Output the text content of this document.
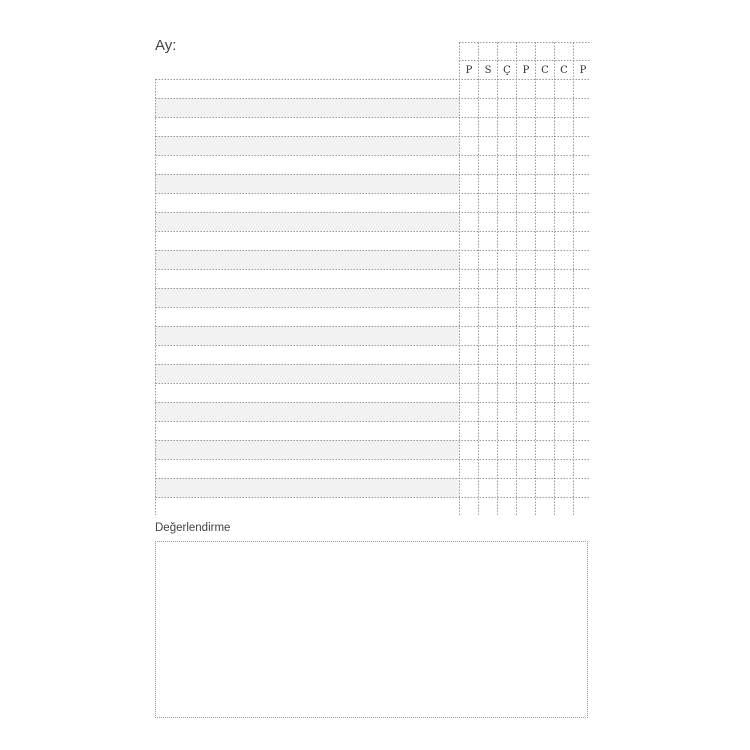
Ay:
P S Ç P C C P
Değerlendirme
